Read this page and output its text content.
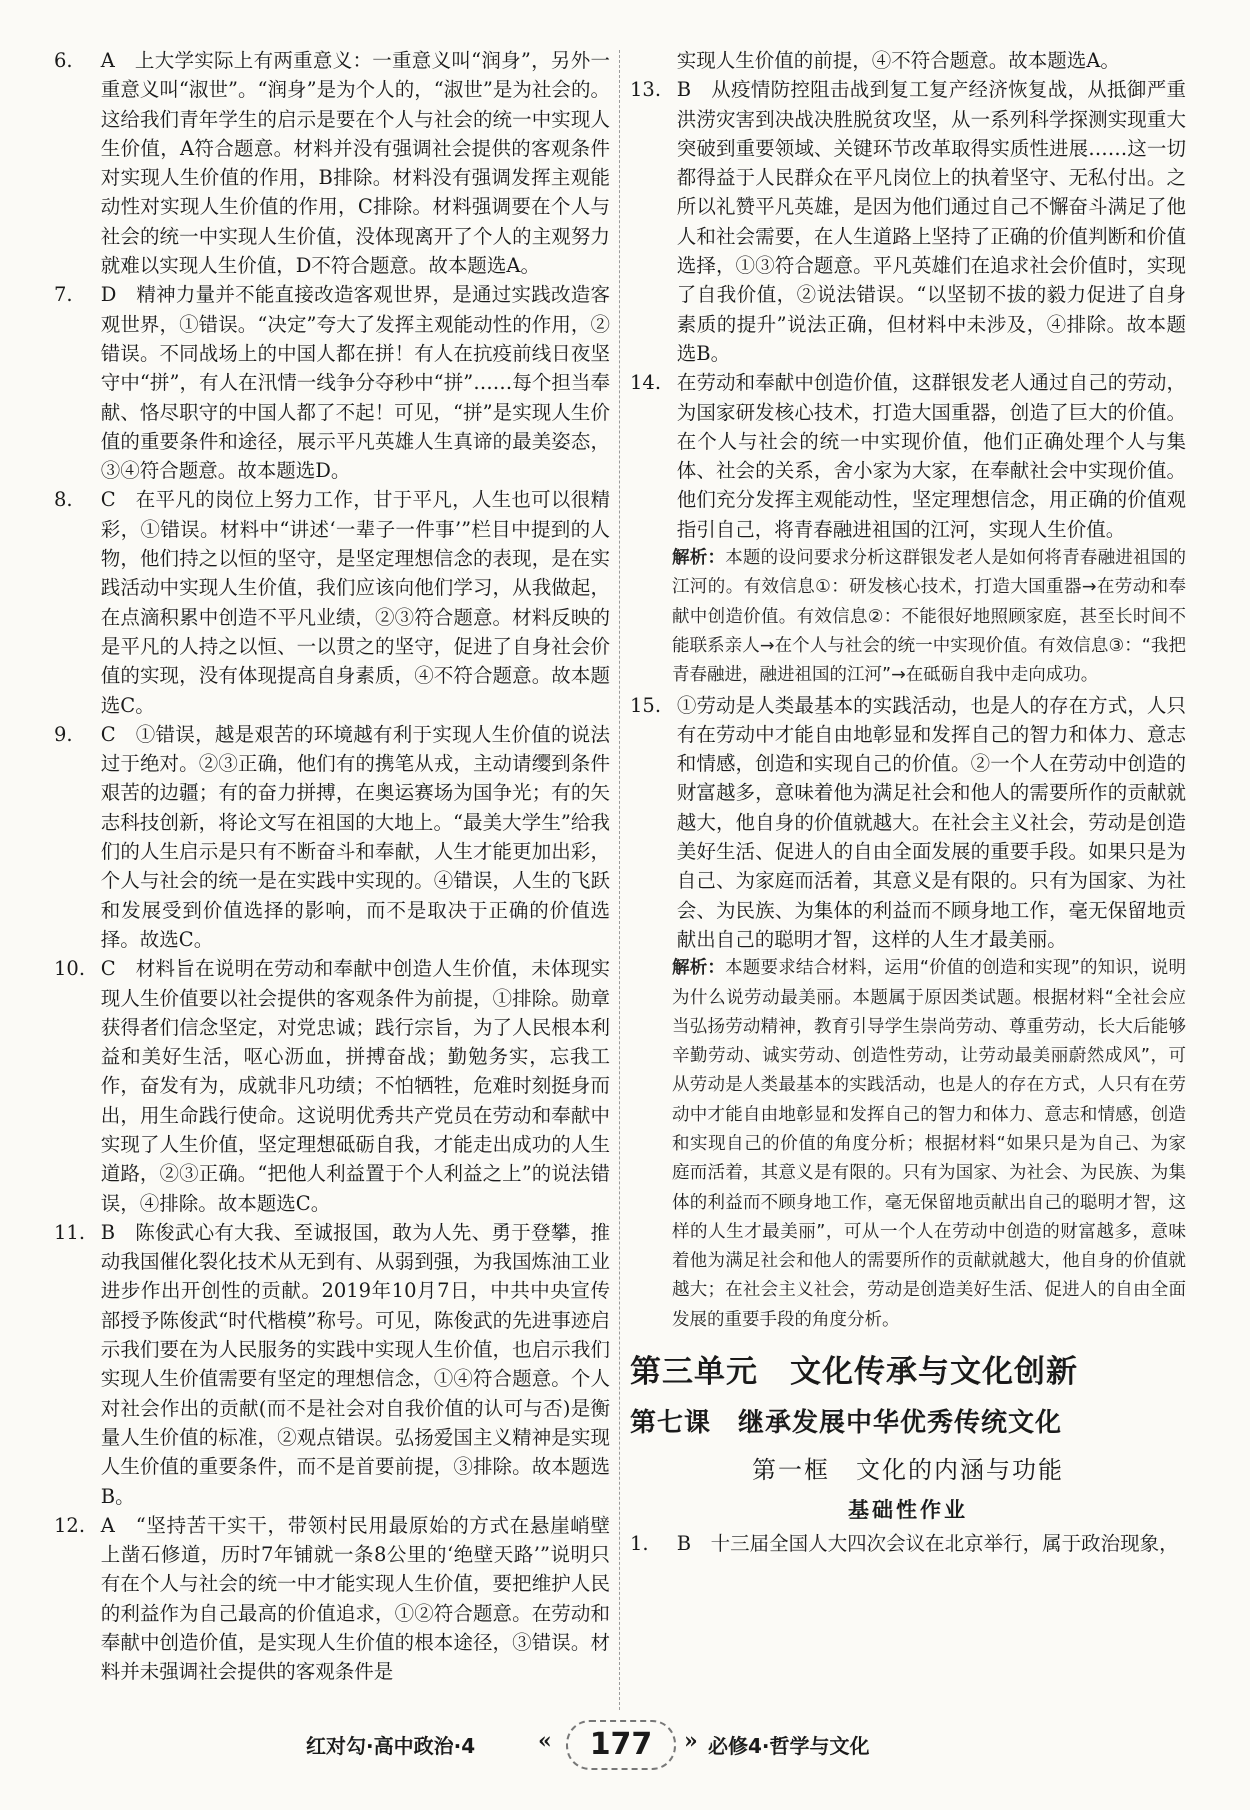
6. A　上大学实际上有两重意义：一重意义叫“润身”，另外一重意义叫“淑世”。“润身”是为个人的，“淑世”是为社会的。这给我们青年学生的启示是要在个人与社会的统一中实现人生价值，A符合题意。材料并没有强调社会提供的客观条件对实现人生价值的作用，B排除。材料没有强调发挥主观能动性对实现人生价值的作用，C排除。材料强调要在个人与社会的统一中实现人生价值，没体现离开了个人的主观努力就难以实现人生价值，D不符合题意。故本题选A。
7. D　精神力量并不能直接改造客观世界，是通过实践改造客观世界，①错误。“决定”夸大了发挥主观能动性的作用，②错误。不同战场上的中国人都在拼！有人在抗疫前线日夜坚守中“拼”，有人在汛情一线争分夺秒中“拼”……每个担当奉献、恪尽职守的中国人都了不起！可见，“拼”是实现人生价值的重要条件和途径，展示平凡英雄人生真谛的最美姿态，③④符合题意。故本题选D。
8. C　在平凡的岗位上努力工作，甘于平凡，人生也可以很精彩，①错误。材料中“讲述‘一辈子一件事’”栏目中提到的人物，他们持之以恒的坚守，是坚定理想信念的表现，是在实践活动中实现人生价值，我们应该向他们学习，从我做起，在点滴积累中创造不平凡业绩，②③符合题意。材料反映的是平凡的人持之以恒、一以贯之的坚守，促进了自身社会价值的实现，没有体现提高自身素质，④不符合题意。故本题选C。
9. C　①错误，越是艰苦的环境越有利于实现人生价值的说法过于绝对。②③正确，他们有的携笔从戎，主动请缨到条件艰苦的边疆；有的奋力拼搏，在奥运赛场为国争光；有的矢志科技创新，将论文写在祖国的大地上。“最美大学生”给我们的人生启示是只有不断奋斗和奉献，人生才能更加出彩，个人与社会的统一是在实践中实现的。④错误，人生的飞跃和发展受到价值选择的影响，而不是取决于正确的价值选择。故选C。
10. C　材料旨在说明在劳动和奉献中创造人生价值，未体现实现人生价值要以社会提供的客观条件为前提，①排除。勋章获得者们信念坚定，对党忠诚；践行宗旨，为了人民根本利益和美好生活，呕心沥血，拼搏奋战；勤勉务实，忘我工作，奋发有为，成就非凡功绩；不怕牺牲，危难时刻挺身而出，用生命践行使命。这说明优秀共产党员在劳动和奉献中实现了人生价值，坚定理想砥砺自我，才能走出成功的人生道路，②③正确。“把他人利益置于个人利益之上”的说法错误，④排除。故本题选C。
11. B　陈俊武心有大我、至诚报国，敢为人先、勇于登攀，推动我国催化裂化技术从无到有、从弱到强，为我国炼油工业进步作出开创性的贡献。2019年10月7日，中共中央宣传部授予陈俊武“时代楷模”称号。可见，陈俊武的先进事迹启示我们要在为人民服务的实践中实现人生价值，也启示我们实现人生价值需要有坚定的理想信念，①④符合题意。个人对社会作出的贡献(而不是社会对自我价值的认可与否)是衡量人生价值的标准，②观点错误。弘扬爱国主义精神是实现人生价值的重要条件，而不是首要前提，③排除。故本题选B。
12. A　“坚持苦干实干，带领村民用最原始的方式在悬崖峭壁上凿石修道，历时7年铺就一条8公里的‘绝壁天路’”说明只有在个人与社会的统一中才能实现人生价值，要把维护人民的利益作为自己最高的价值追求，①②符合题意。在劳动和奉献中创造价值，是实现人生价值的根本途径，③错误。材料并未强调社会提供的客观条件是
实现人生价值的前提，④不符合题意。故本题选A。
13. B　从疫情防控阻击战到复工复产经济恢复战，从抵御严重洪涝灾害到决战决胜脱贫攻坚，从一系列科学探测实现重大突破到重要领域、关键环节改革取得实质性进展……这一切都得益于人民群众在平凡岗位上的执着坚守、无私付出。之所以礼赞平凡英雄，是因为他们通过自己不懈奋斗满足了他人和社会需要，在人生道路上坚持了正确的价值判断和价值选择，①③符合题意。平凡英雄们在追求社会价值时，实现了自我价值，②说法错误。“以坚韧不拔的毅力促进了自身素质的提升”说法正确，但材料中未涉及，④排除。故本题选B。
14. 在劳动和奉献中创造价值，这群银发老人通过自己的劳动，为国家研发核心技术，打造大国重器，创造了巨大的价值。在个人与社会的统一中实现价值，他们正确处理个人与集体、社会的关系，舍小家为大家，在奉献社会中实现价值。他们充分发挥主观能动性，坚定理想信念，用正确的价值观指引自己，将青春融进祖国的江河，实现人生价值。
解析：本题的设问要求分析这群银发老人是如何将青春融进祖国的江河的。有效信息①：研发核心技术，打造大国重器→在劳动和奉献中创造价值。有效信息②：不能很好地照顾家庭，甚至长时间不能联系亲人→在个人与社会的统一中实现价值。有效信息③：“我把青春融进，融进祖国的江河”→在砥砺自我中走向成功。
15. ①劳动是人类最基本的实践活动，也是人的存在方式，人只有在劳动中才能自由地彰显和发挥自己的智力和体力、意志和情感，创造和实现自己的价值。②一个人在劳动中创造的财富越多，意味着他为满足社会和他人的需要所作的贡献就越大，他自身的价值就越大。在社会主义社会，劳动是创造美好生活、促进人的自由全面发展的重要手段。如果只是为自己、为家庭而活着，其意义是有限的。只有为国家、为社会、为民族、为集体的利益而不顾身地工作，毫无保留地贡献出自己的聪明才智，这样的人生才最美丽。
解析：本题要求结合材料，运用“价值的创造和实现”的知识，说明为什么说劳动最美丽。本题属于原因类试题。根据材料“全社会应当弘扬劳动精神，教育引导学生崇尚劳动、尊重劳动，长大后能够辛勤劳动、诚实劳动、创造性劳动，让劳动最美丽蔚然成风”，可从劳动是人类最基本的实践活动，也是人的存在方式，人只有在劳动中才能自由地彰显和发挥自己的智力和体力、意志和情感，创造和实现自己的价值的角度分析；根据材料“如果只是为自己、为家庭而活着，其意义是有限的。只有为国家、为社会、为民族、为集体的利益而不顾身地工作，毫无保留地贡献出自己的聪明才智，这样的人生才最美丽”，可从一个人在劳动中创造的财富越多，意味着他为满足社会和他人的需要所作的贡献就越大，他自身的价值就越大；在社会主义社会，劳动是创造美好生活、促进人的自由全面发展的重要手段的角度分析。
第三单元　文化传承与文化创新
第七课　继承发展中华优秀传统文化
第一框　文化的内涵与功能
基础性作业
1. B　十三届全国人大四次会议在北京举行，属于政治现象，
红对勾·高中政治·4	«	177	» 必修4·哲学与文化
